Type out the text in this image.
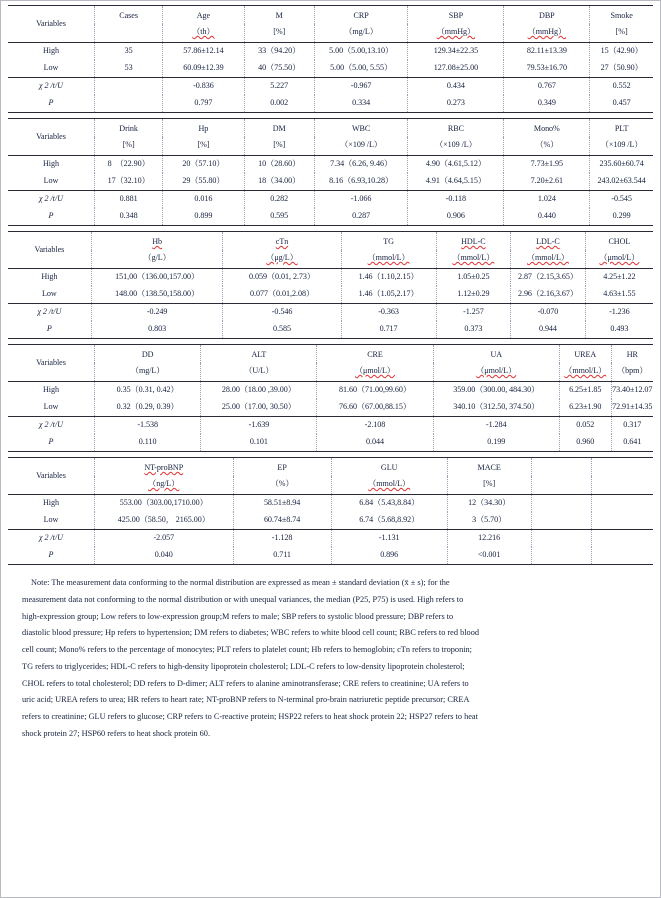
Variables	Cases	Age	M	CRP	SBP	DBP	Smoke
		（th）	[%]	（mg/L）	（mmHg）	（mmHg）	[%]
High	35	57.86±12.14	33（94.20）	5.00（5.00,13.10）	129.34±22.35	82.11±13.39	15（42.90）
Low	53	60.09±12.39	40（75.50）	5.00（5.00, 5.55）	127.08±25.00	79.53±16.70	27（50.90）
χ 2 /t/U		-0.836	5.227	-0.967	0.434	0.767	0.552
P		0.797	0.002	0.334	0.273	0.349	0.457
Variables	Drink	Hp	DM	WBC	RBC	Mono%	PLT
	[%]	[%]	[%]	（×109 /L）	（×109 /L）	（%）	（×109 /L）
High	8　（22.90）	20（57.10）	10（28.60）	7.34（6.26, 9.46）	4.90（4.61,5.12）	7.73±1.95	235.60±60.74
Low	17（32.10）	29（55.80）	18（34.00）	8.16（6.93,10.28）	4.91（4.64,5.15）	7.20±2.61	243.02±63.544
χ 2 /t/U	0.881	0.016	0.282	-1.066	-0.118	1.024	-0.545
P	0.348	0.899	0.595	0.287	0.906	0.440	0.299
Variables	Hb	cTn	TG	HDL-C	LDL-C	CHOL
	（g/L）	（μg/L）	（mmol/L）	（mmol/L）	（mmol/L）	（μmol/L）
High	151,00（136.00,157.00）	0.059（0.01, 2.73）	1.46（1.10,2.15）	1.05±0.25	2.87（2.15,3.65）	4.25±1.22
Low	148.00（138.50,158.00）	0.077（0.01,2.08）	1.46（1.05,2.17）	1.12±0.29	2.96（2.16,3.67）	4.63±1.55
χ 2 /t/U	-0.249	-0.546	-0.363	-1.257	-0.070	-1.236
P	0.803	0.585	0.717	0.373	0.944	0.493
Variables	DD	ALT	CRE	UA	UREA	HR
	（mg/L）	（U/L）	（μmol/L）	（μmol/L）	（mmol/L）	（bpm）
High	0.35（0.31, 0.42）	28.00（18.00 ,39.00）	81.60（71.00,99.60）	359.00（300.00, 484.30）	6.25±1.85	73.40±12.07
Low	0.32（0.29, 0.39）	25.00（17.00, 30.50）	76.60（67.00,88.15）	340.10（312.50, 374.50）	6.23±1.90	72.91±14.35
χ 2 /t/U	-1.538	-1.639	-2.108	-1.284	0.052	0.317
P	0.110	0.101	0.044	0.199	0.960	0.641
Variables	NT-proBNP	EP	GLU	MACE		
	（ng/L）	（%）	（mmol/L）	[%]		
High	553.00（303.00,1710.00）	58.51±8.94	6.84（5.43,8.84）	12（34.30）		
Low	425.00（58.50， 2165.00）	60.74±8.74	6.74（5.68,8.92）	3（5.70）		
χ 2 /t/U	-2.057	-1.128	-1.131	12.216		
P	0.040	0.711	0.896	<0.001		
Note: The measurement data conforming to the normal distribution are expressed as mean ± standard deviation (x̄ ± s); for the
measurement data not conforming to the normal distribution or with unequal variances, the median (P25, P75) is used. High refers to
high-expression group; Low refers to low-expression group;M refers to male; SBP refers to systolic blood pressure; DBP refers to
diastolic blood pressure; Hp refers to hypertension; DM refers to diabetes; WBC refers to white blood cell count; RBC refers to red blood
cell count; Mono% refers to the percentage of monocytes; PLT refers to platelet count; Hb refers to hemoglobin; cTn refers to troponin;
TG refers to triglycerides; HDL-C refers to high-density lipoprotein cholesterol; LDL-C refers to low-density lipoprotein cholesterol;
CHOL refers to total cholesterol; DD refers to D-dimer; ALT refers to alanine aminotransferase; CRE refers to creatinine; UA refers to
uric acid; UREA refers to urea; HR refers to heart rate; NT-proBNP refers to N-terminal pro-brain natriuretic peptide precursor; CREA
refers to creatinine; GLU refers to glucose; CRP refers to C-reactive protein; HSP22 refers to heat shock protein 22; HSP27 refers to heat
shock protein 27; HSP60 refers to heat shock protein 60.
